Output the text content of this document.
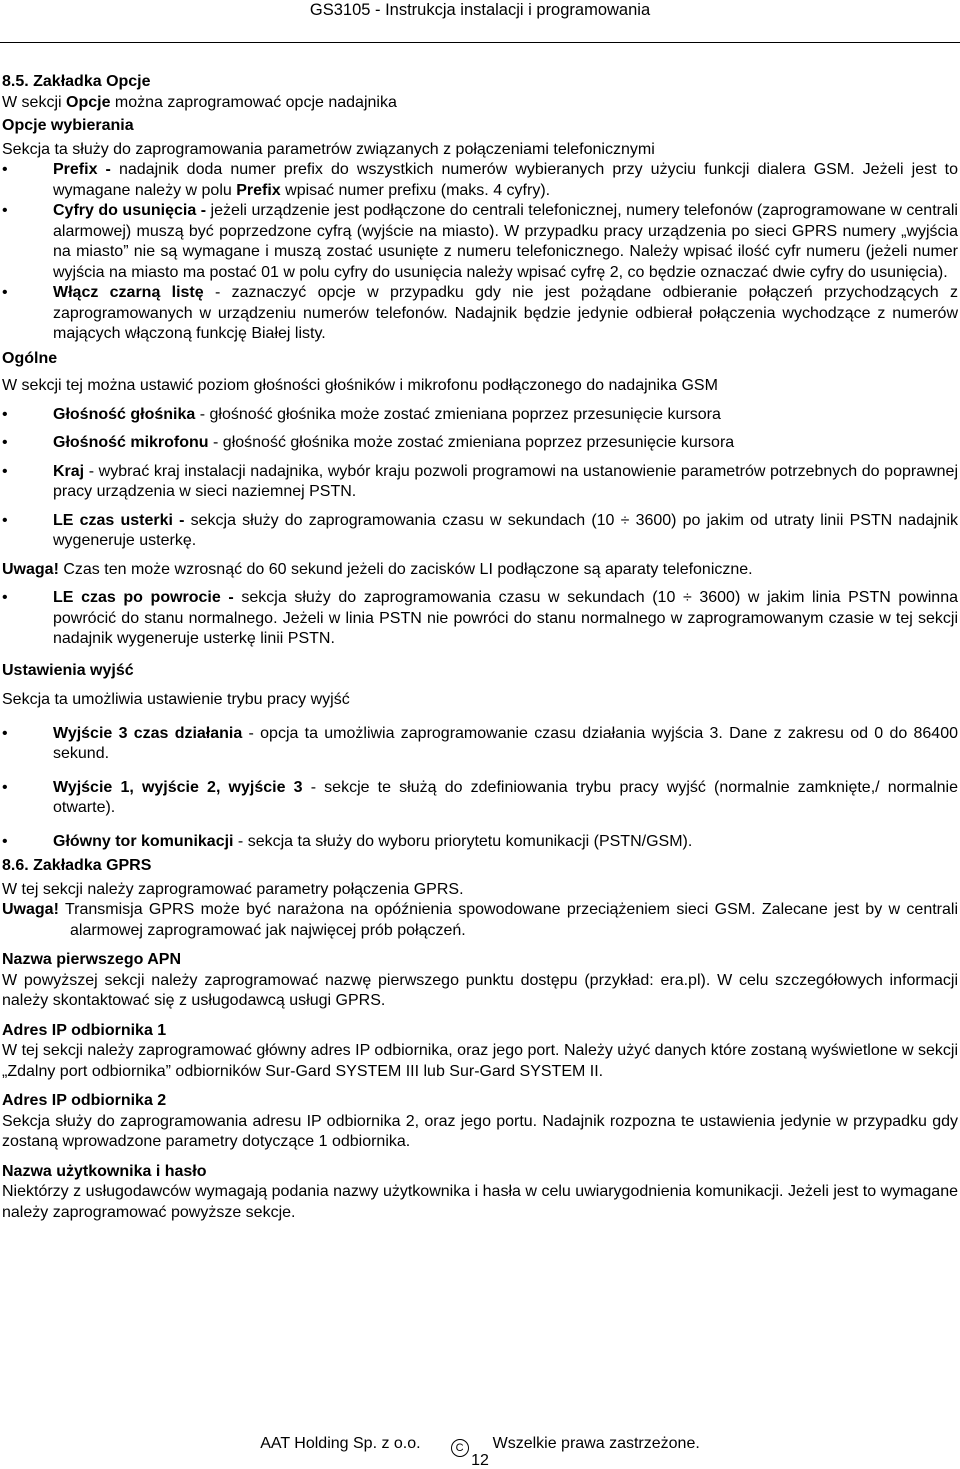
GS3105 - Instrukcja instalacji i programowania

8.5. Zakładka Opcje

W sekcji Opcje można zaprogramować opcje nadajnika

Opcje wybierania

Sekcja ta służy do zaprogramowania parametrów związanych z połączeniami telefonicznymi

• Prefix - nadajnik doda numer prefix do wszystkich numerów wybieranych przy użyciu funkcji dialera GSM. Jeżeli jest to wymagane należy w polu Prefix wpisać numer prefixu (maks. 4 cyfry).
• Cyfry do usunięcia - jeżeli urządzenie jest podłączone do centrali telefonicznej, numery telefonów (zaprogramowane w centrali alarmowej) muszą być poprzedzone cyfrą (wyjście na miasto). W przypadku pracy urządzenia po sieci GPRS numery „wyjścia na miasto” nie są wymagane i muszą zostać usunięte z numeru telefonicznego. Należy wpisać ilość cyfr numeru (jeżeli numer wyjścia na miasto ma postać 01 w polu cyfry do usunięcia należy wpisać cyfrę 2, co będzie oznaczać dwie cyfry do usunięcia).
• Włącz czarną listę - zaznaczyć opcje w przypadku gdy nie jest pożądane odbieranie połączeń przychodzących z zaprogramowanych w urządzeniu numerów telefonów. Nadajnik będzie jedynie odbierał połączenia wychodzące z numerów mających włączoną funkcję Białej listy.

Ogólne

W sekcji tej można ustawić poziom głośności głośników i mikrofonu podłączonego do nadajnika GSM

• Głośność głośnika - głośność głośnika może zostać zmieniana poprzez przesunięcie kursora
• Głośność mikrofonu - głośność głośnika może zostać zmieniana poprzez przesunięcie kursora
• Kraj - wybrać kraj instalacji nadajnika, wybór kraju pozwoli programowi na ustanowienie parametrów potrzebnych do poprawnej pracy urządzenia w sieci naziemnej PSTN.
• LE czas usterki - sekcja służy do zaprogramowania czasu w sekundach (10 ÷ 3600) po jakim od utraty linii PSTN nadajnik wygeneruje usterkę.

Uwaga! Czas ten może wzrosnąć do 60 sekund jeżeli do zacisków LI podłączone są aparaty telefoniczne.

• LE czas po powrocie - sekcja służy do zaprogramowania czasu w sekundach (10 ÷ 3600) w jakim linia PSTN powinna powrócić do stanu normalnego. Jeżeli w linia PSTN nie powróci do stanu normalnego w zaprogramowanym czasie w tej sekcji nadajnik wygeneruje usterkę linii PSTN.

Ustawienia wyjść

Sekcja ta umożliwia ustawienie trybu pracy wyjść

• Wyjście 3 czas działania - opcja ta umożliwia zaprogramowanie czasu działania wyjścia 3. Dane z zakresu od 0 do 86400 sekund.
• Wyjście 1, wyjście 2, wyjście 3 - sekcje te służą do zdefiniowania trybu pracy wyjść (normalnie zamknięte,/ normalnie otwarte).
• Główny tor komunikacji - sekcja ta służy do wyboru priorytetu komunikacji (PSTN/GSM).

8.6. Zakładka GPRS

W tej sekcji należy zaprogramować parametry połączenia GPRS.

Uwaga! Transmisja GPRS może być narażona na opóźnienia spowodowane przeciążeniem sieci GSM. Zalecane jest by w centrali alarmowej zaprogramować jak najwięcej prób połączeń.

Nazwa pierwszego APN

W powyższej sekcji należy zaprogramować nazwę pierwszego punktu dostępu (przykład: era.pl). W celu szczegółowych informacji należy skontaktować się z usługodawcą usługi GPRS.

Adres IP odbiornika 1

W tej sekcji należy zaprogramować główny adres IP odbiornika, oraz jego port. Należy użyć danych które zostaną wyświetlone w sekcji „Zdalny port odbiornika” odbiorników Sur-Gard SYSTEM III lub Sur-Gard SYSTEM II.

Adres IP odbiornika 2

Sekcja służy do zaprogramowania adresu IP odbiornika 2, oraz jego portu. Nadajnik rozpozna te ustawienia jedynie w przypadku gdy zostaną wprowadzone parametry dotyczące 1 odbiornika.

Nazwa użytkownika i hasło

Niektórzy z usługodawców wymagają podania nazwy użytkownika i hasła w celu uwiarygodnienia komunikacji. Jeżeli jest to wymagane należy zaprogramować powyższe sekcje.

AAT Holding Sp. z o.o.	C Wszelkie prawa zastrzeżone.
12
